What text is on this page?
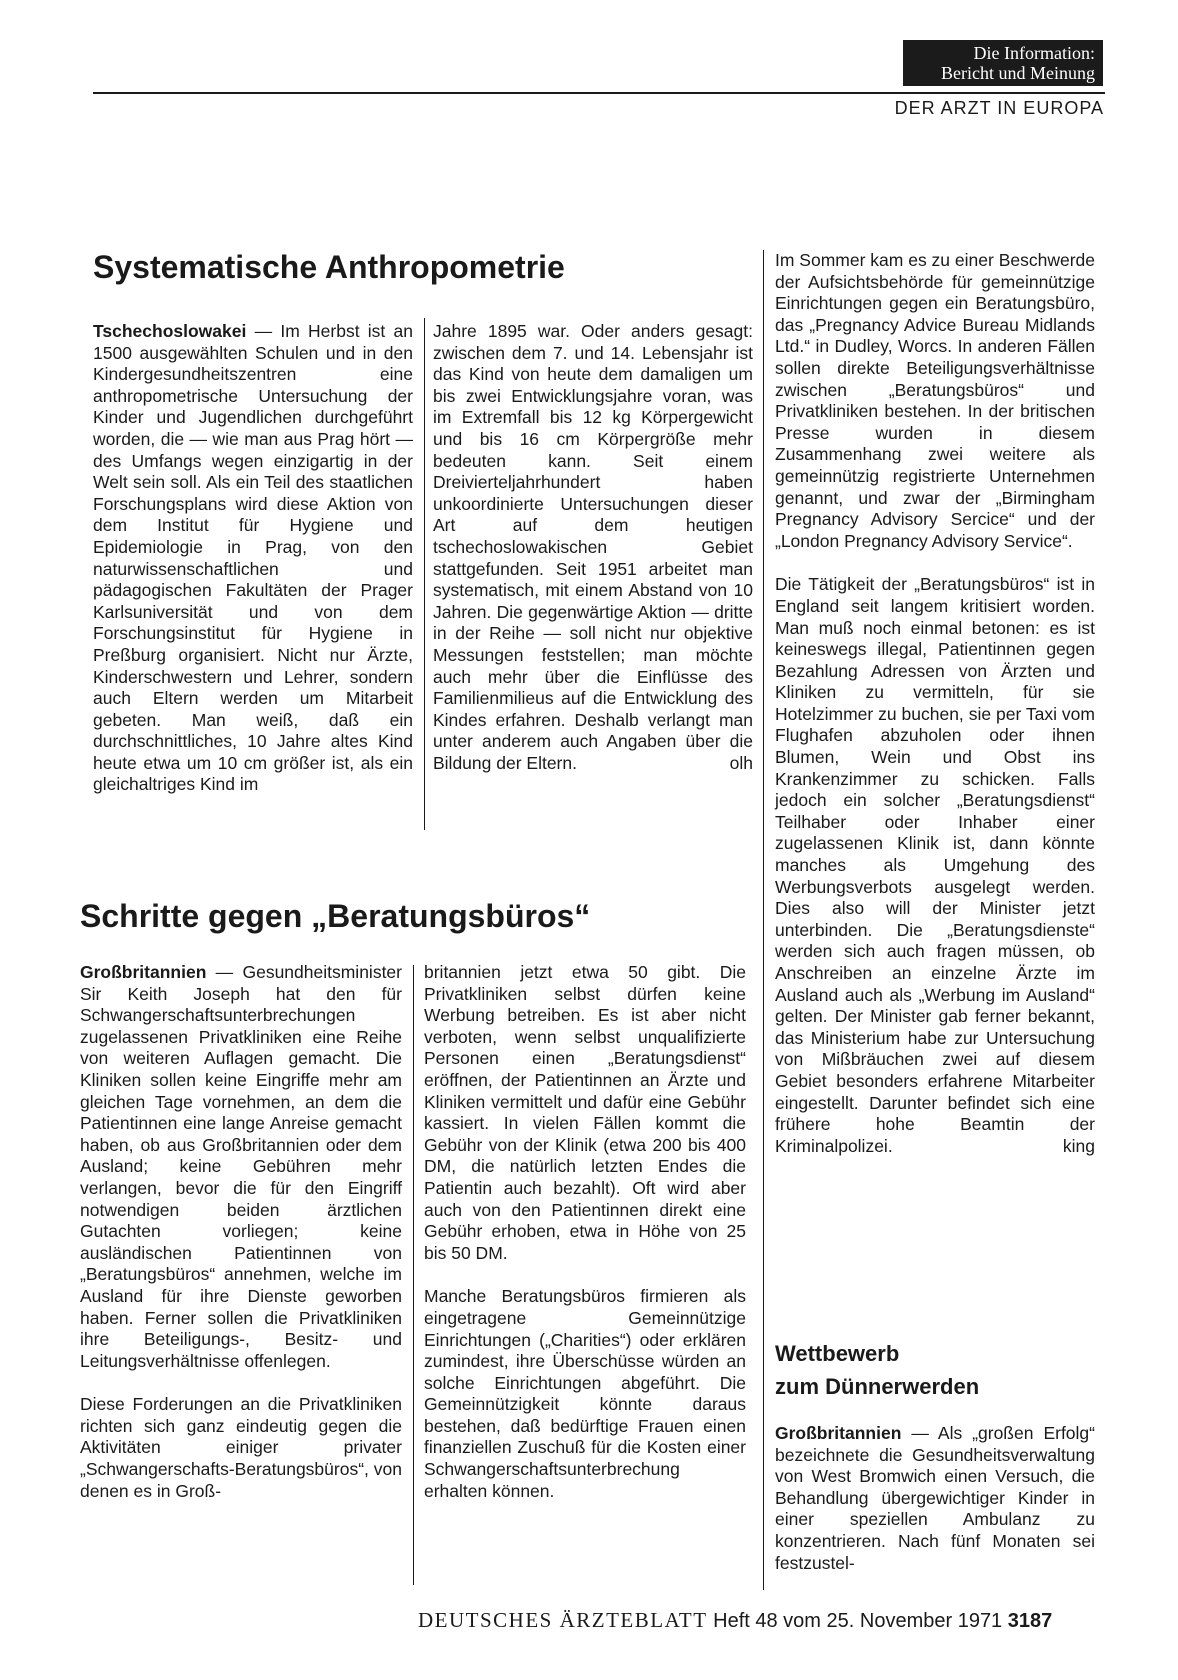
Die Information:
Bericht und Meinung
DER ARZT IN EUROPA
Systematische Anthropometrie

Tschechoslowakei — Im Herbst ist an 1500 ausgewählten Schulen und in den Kindergesundheitszentren eine anthropometrische Untersuchung der Kinder und Jugendlichen durchgeführt worden, die — wie man aus Prag hört — des Umfangs wegen einzigartig in der Welt sein soll. Als ein Teil des staatlichen Forschungsplans wird diese Aktion von dem Institut für Hygiene und Epidemiologie in Prag, von den naturwissenschaftlichen und pädagogischen Fakultäten der Prager Karlsuniversität und von dem Forschungsinstitut für Hygiene in Preßburg organisiert. Nicht nur Ärzte, Kinderschwestern und Lehrer, sondern auch Eltern werden um Mitarbeit gebeten. Man weiß, daß ein durchschnittliches, 10 Jahre altes Kind heute etwa um 10 cm größer ist, als ein gleichaltriges Kind im

Jahre 1895 war. Oder anders gesagt: zwischen dem 7. und 14. Lebensjahr ist das Kind von heute dem damaligen um bis zwei Entwicklungsjahre voran, was im Extremfall bis 12 kg Körpergewicht und bis 16 cm Körpergröße mehr bedeuten kann. Seit einem Dreivierteljahrhundert haben unkoordinierte Untersuchungen dieser Art auf dem heutigen tschechoslowakischen Gebiet stattgefunden. Seit 1951 arbeitet man systematisch, mit einem Abstand von 10 Jahren. Die gegenwärtige Aktion — dritte in der Reihe — soll nicht nur objektive Messungen feststellen; man möchte auch mehr über die Einflüsse des Familienmilieus auf die Entwicklung des Kindes erfahren. Deshalb verlangt man unter anderem auch Angaben über die Bildung der Eltern.	olh

Schritte gegen „Beratungsbüros“

Großbritannien — Gesundheitsminister Sir Keith Joseph hat den für Schwangerschaftsunterbrechungen zugelassenen Privatkliniken eine Reihe von weiteren Auflagen gemacht. Die Kliniken sollen keine Eingriffe mehr am gleichen Tage vornehmen, an dem die Patientinnen eine lange Anreise gemacht haben, ob aus Großbritannien oder dem Ausland; keine Gebühren mehr verlangen, bevor die für den Eingriff notwendigen beiden ärztlichen Gutachten vorliegen; keine ausländischen Patientinnen von „Beratungsbüros“ annehmen, welche im Ausland für ihre Dienste geworben haben. Ferner sollen die Privatkliniken ihre Beteiligungs-, Besitz- und Leitungsverhältnisse offenlegen.

Diese Forderungen an die Privatkliniken richten sich ganz eindeutig gegen die Aktivitäten einiger privater „Schwangerschafts-Beratungsbüros“, von denen es in Groß-

britannien jetzt etwa 50 gibt. Die Privatkliniken selbst dürfen keine Werbung betreiben. Es ist aber nicht verboten, wenn selbst unqualifizierte Personen einen „Beratungsdienst“ eröffnen, der Patientinnen an Ärzte und Kliniken vermittelt und dafür eine Gebühr kassiert. In vielen Fällen kommt die Gebühr von der Klinik (etwa 200 bis 400 DM, die natürlich letzten Endes die Patientin auch bezahlt). Oft wird aber auch von den Patientinnen direkt eine Gebühr erhoben, etwa in Höhe von 25 bis 50 DM.

Manche Beratungsbüros firmieren als eingetragene Gemeinnützige Einrichtungen („Charities“) oder erklären zumindest, ihre Überschüsse würden an solche Einrichtungen abgeführt. Die Gemeinnützigkeit könnte daraus bestehen, daß bedürftige Frauen einen finanziellen Zuschuß für die Kosten einer Schwangerschaftsunterbrechung erhalten können.

Im Sommer kam es zu einer Beschwerde der Aufsichtsbehörde für gemeinnützige Einrichtungen gegen ein Beratungsbüro, das „Pregnancy Advice Bureau Midlands Ltd.“ in Dudley, Worcs. In anderen Fällen sollen direkte Beteiligungsverhältnisse zwischen „Beratungsbüros“ und Privatkliniken bestehen. In der britischen Presse wurden in diesem Zusammenhang zwei weitere als gemeinnützig registrierte Unternehmen genannt, und zwar der „Birmingham Pregnancy Advisory Sercice“ und der „London Pregnancy Advisory Service“.

Die Tätigkeit der „Beratungsbüros“ ist in England seit langem kritisiert worden. Man muß noch einmal betonen: es ist keineswegs illegal, Patientinnen gegen Bezahlung Adressen von Ärzten und Kliniken zu vermitteln, für sie Hotelzimmer zu buchen, sie per Taxi vom Flughafen abzuholen oder ihnen Blumen, Wein und Obst ins Krankenzimmer zu schicken. Falls jedoch ein solcher „Beratungsdienst“ Teilhaber oder Inhaber einer zugelassenen Klinik ist, dann könnte manches als Umgehung des Werbungsverbots ausgelegt werden. Dies also will der Minister jetzt unterbinden. Die „Beratungsdienste“ werden sich auch fragen müssen, ob Anschreiben an einzelne Ärzte im Ausland auch als „Werbung im Ausland“ gelten. Der Minister gab ferner bekannt, das Ministerium habe zur Untersuchung von Mißbräuchen zwei auf diesem Gebiet besonders erfahrene Mitarbeiter eingestellt. Darunter befindet sich eine frühere hohe Beamtin der Kriminalpolizei.	king

Wettbewerb
zum Dünnerwerden

Großbritannien — Als „großen Erfolg“ bezeichnete die Gesundheitsverwaltung von West Bromwich einen Versuch, die Behandlung übergewichtiger Kinder in einer speziellen Ambulanz zu konzentrieren. Nach fünf Monaten sei festzustel-

DEUTSCHES ÄRZTEBLATT Heft 48 vom 25. November 1971 3187
